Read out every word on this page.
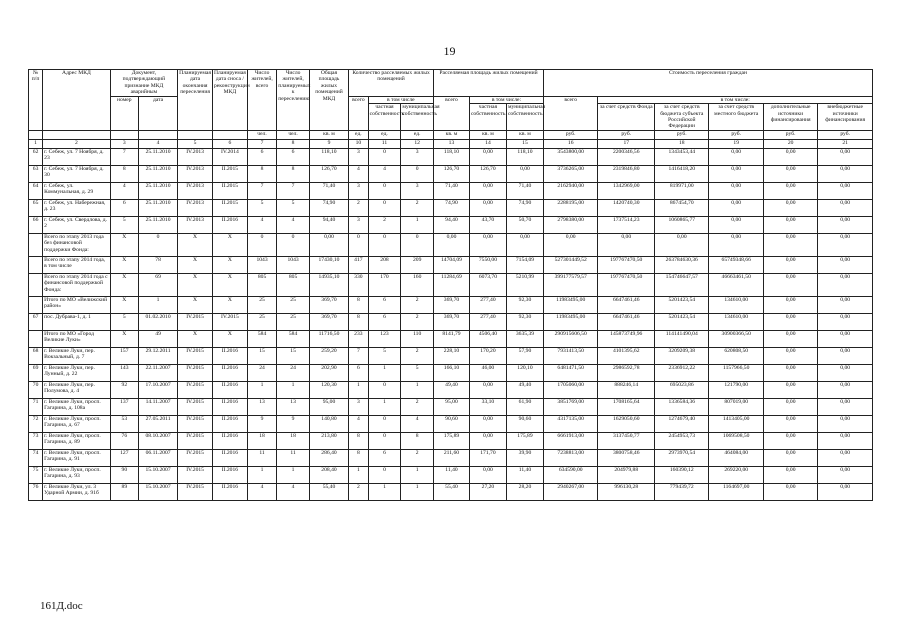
19
№ п/п	Адрес МКД	Документ, подтверждающий признание МКД аварийным		Планируемая дата окончания переселения	Планируемая дата сноса / реконструкции МКД	Число жителей, всего	Число жителей, планируемых к переселению	Общая площадь жилых помещений МКД	Количество расселяемых жилых помещений			Расселяемая площадь жилых помещений			Стоимость переселения граждан					
		номер	дата						всего	в том числе		всего	в том числе:		всего	в том числе:				
										частная собственность	муниципальная собственность		частная собственность	муниципальная собственность		за счет средств Фонда	за счет средств бюджета субъекта Российской Федерации	за счет средств местного бюджета	дополнительные источники финансирования	внебюджетные источники финансирования
						чел.	чел.	кв. м	ед.	ед.	ед.	кв. м	кв. м	кв. м	руб.	руб.	руб.	руб.	руб.	руб.
1	2	3	4	5	6	7	8	9	10	11	12	13	14	15	16	17	18	19	20	21
62	г. Себеж, ул. 7 Ноября, д. 23	7	25.11.2010	IV.2013	IV.2014	6	6	118,10	3	0	3	118,10	0,00	118,10	3543800,00	2200346,56	1343453,44	0,00	0,00	0,00
63	г. Себеж, ул. 7 Ноября, д. 30	8	25.11.2010	IV.2013	II.2015	8	8	126,70	4	4	0	126,70	126,70	0,00	3736265,00	2319846,80	1416418,20	0,00	0,00	0,00
64	г. Себеж, ул. Коммунальная, д. 29	4	25.11.2010	IV.2013	II.2015	7	7	71,40	3	0	3	71,40	0,00	71,40	2162940,00	1342969,00	819971,00	0,00	0,00	0,00
65	г. Себеж, ул. Набережная, д. 23	6	25.11.2010	IV.2013	II.2015	5	5	74,90	2	0	2	74,90	0,00	74,90	2288195,00	1420740,30	867454,70	0,00	0,00	0,00
66	г. Себеж, ул. Свердлова, д. 2	5	25.11.2010	IV.2013	II.2016	4	4	94,40	3	2	1	94,40	43,70	50,70	2798380,00	1737514,23	1060865,77	0,00	0,00	0,00
	Всего по этапу 2013 года без финансовой поддержки Фонда:	X	0	X	X	0	0	0,00	0	0	0	0,00	0,00	0,00	0,00	0,00	0,00	0,00	0,00	0,00
	Всего по этапу 2014 года, в том числе	X	78	X	X	1043	1043	17430,10	417	208	209	14704,09	7550,00	7154,09	527301449,52	197767470,50	263784630,36	65749348,66	0,00	0,00
	Всего по этапу 2014 года с финансовой поддержкой Фонда:	X	69	X	X	805	805	14935,10	330	170	160	11284,69	6073,70	5210,99	399177579,57	197767470,50	154746647,57	46663461,50	0,00	0,00
	Итого по МО «Велижский район»	X	1	X	X	25	25	369,70	8	6	2	369,70	277,40	92,30	11983495,00	6647461,46	5201423,54	134610,00	0,00	0,00
67	пос. Дубрава-1, д. 1	5	01.02.2010	IV.2015	IV.2015	25	25	369,70	8	6	2	369,70	277,40	92,30	11983495,00	6647461,46	5201423,54	134610,00	0,00	0,00
	Итого по МО «Город Великие Луки»	X	49	X	X	584	584	11716,50	233	123	110	8141,79	4506,40	3635,39	290915606,50	145873749,96	114141490,04	30900366,50	0,00	0,00
68	г. Великие Луки, пер. Вокзальный, д. 7	157	29.12.2011	IV.2015	II.2016	15	15	259,20	7	5	2	228,10	170,20	57,90	7931413,50	4101395,62	3209209,38	620808,50	0,00	0,00
69	г. Великие Луки, пер. Лунный, д. 22	143	22.11.2007	IV.2015	II.2016	24	24	202,90	6	1	5	166,10	46,00	120,10	6481471,50	2986592,78	2336912,22	1157966,50	0,00	0,00
70	г. Великие Луки, пер. Полумова, д. 4	92	17.10.2007	IV.2015	II.2016	1	1	120,30	1	0	1	49,40	0,00	49,40	1705060,00	888246,14	695023,86	121790,00	0,00	0,00
71	г. Великие Луки, просп. Гагарина, д. 108а	137	14.11.2007	IV.2015	II.2016	13	13	95,00	3	1	2	95,00	33,10	61,90	3851769,00	1708165,64	1336584,36	807019,00	0,00	0,00
72	г. Великие Луки, просп. Гагарина, д. 67	53	27.05.2011	IV.2015	II.2016	9	9	140,80	4	0	4	90,60	0,00	90,60	4317135,00	1629050,60	1274679,40	1413405,00	0,00	0,00
73	г. Великие Луки, просп. Гагарина, д. 89	76	08.10.2007	IV.2015	II.2016	18	18	213,80	8	0	8	175,89	0,00	175,89	6661913,00	3137450,77	2454953,73	1069508,50	0,00	0,00
74	г. Великие Луки, просп. Гагарина, д. 91	127	06.11.2007	IV.2015	II.2016	11	11	286,40	8	6	2	211,60	171,70	39,90	7238813,00	3800758,46	2973970,54	464084,00	0,00	0,00
75	г. Великие Луки, просп. Гагарина, д. 93	90	15.10.2007	IV.2015	II.2016	1	1	208,40	1	0	1	11,40	0,00	11,40	634590,00	204979,88	160390,12	269220,00	0,00	0,00
76	г. Великие Луки, ул. 3 Ударной Армии, д. 91б	89	15.10.2007	IV.2015	II.2016	4	4	55,40	2	1	1	55,40	27,20	28,20	2940267,00	996130,28	779439,72	1164697,00	0,00	0,00
161Д.doc
